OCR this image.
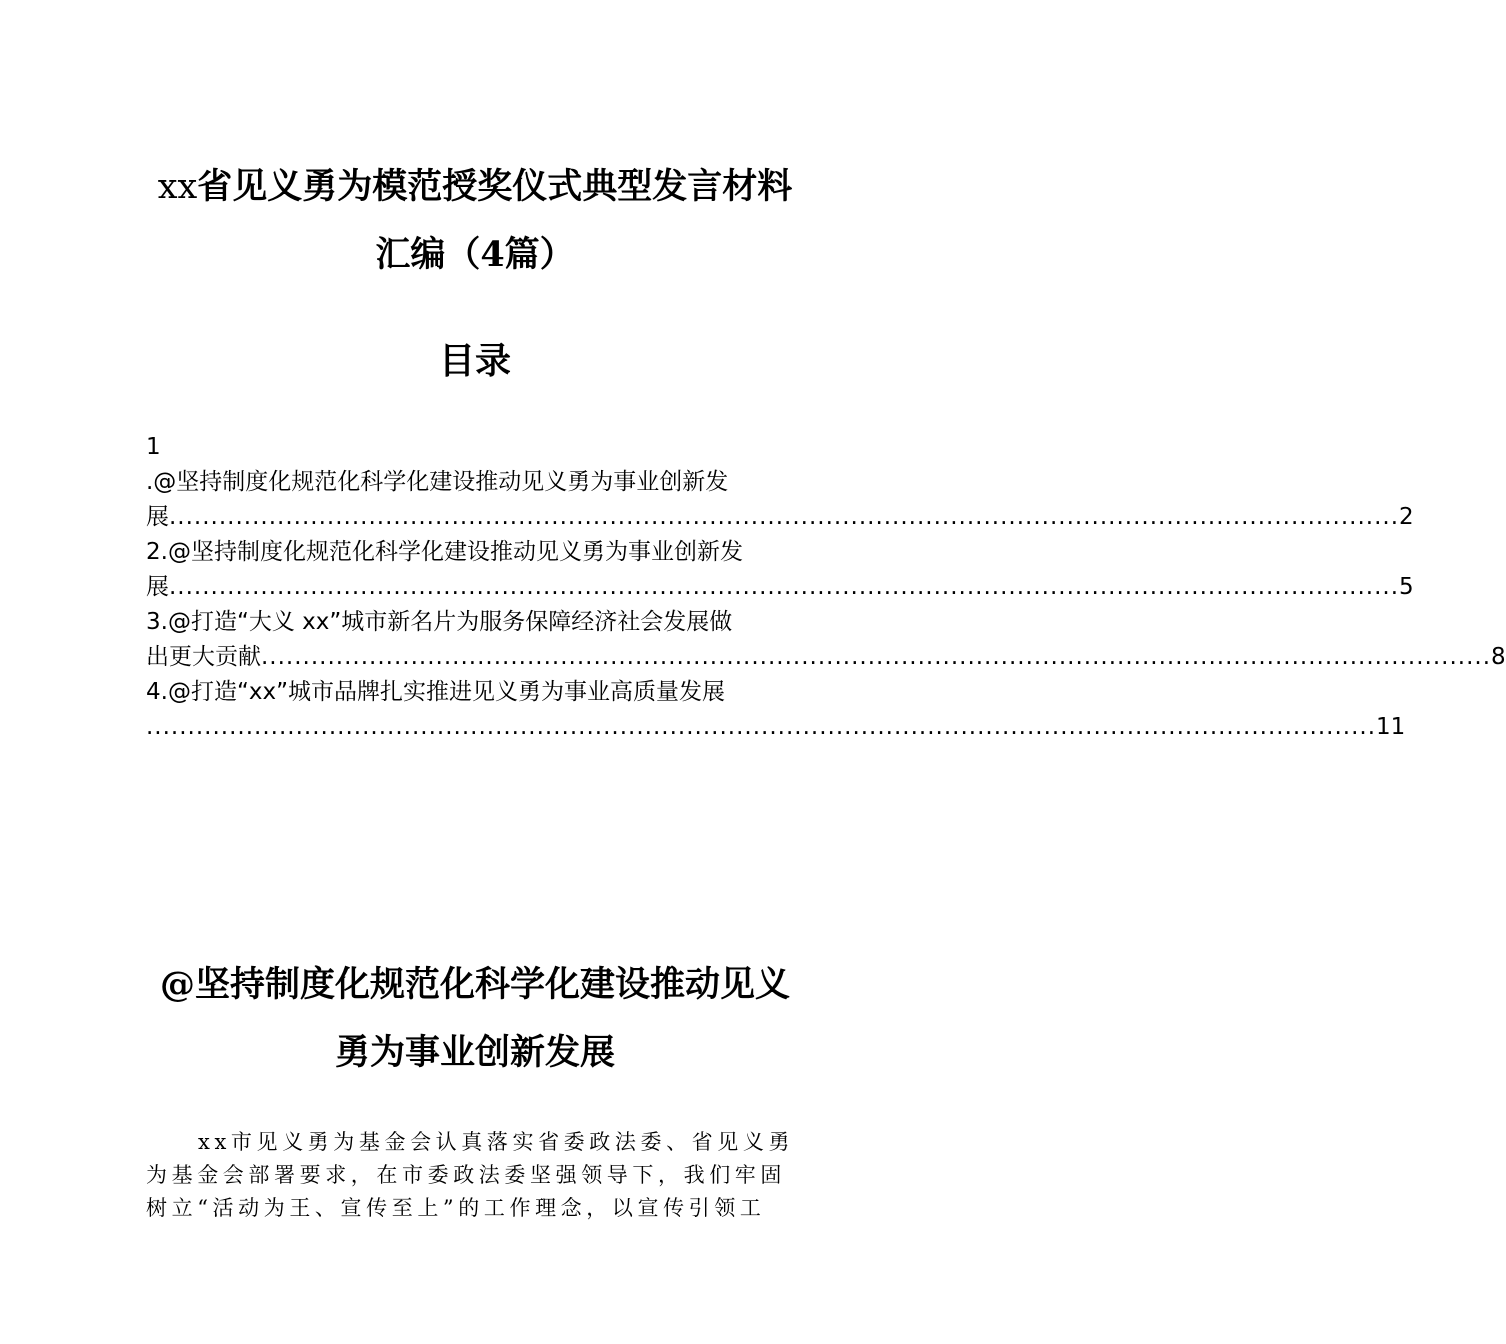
xx省见义勇为模范授奖仪式典型发言材料
汇编（4篇）
目录
1
.@坚持制度化规范化科学化建设推动见义勇为事业创新发
展 .................................................................................................................................................... 2
2.@坚持制度化规范化科学化建设推动见义勇为事业创新发
展 .................................................................................................................................................... 5
3.@打造“大义 xx”城市新名片为服务保障经济社会发展做
出更大贡献 .................................................................................................................................................... 8
4.@打造“xx”城市品牌扎实推进见义勇为事业高质量发展
.................................................................................................................................................... 11
@坚持制度化规范化科学化建设推动见义
勇为事业创新发展
xx市见义勇为基金会认真落实省委政法委、省见义勇
为基金会部署要求，在市委政法委坚强领导下，我们牢固
树立“活动为王、宣传至上”的工作理念，以宣传引领工
